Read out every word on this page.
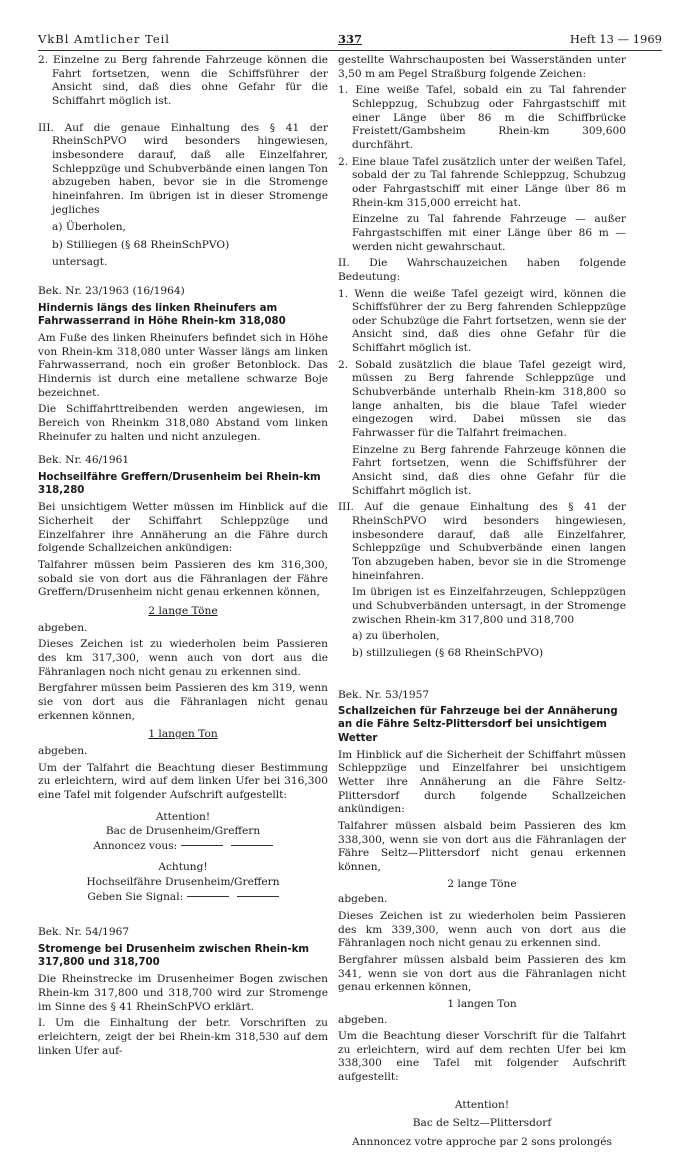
VkBl Amtlicher Teil	337	Heft 13 — 1969

2. Einzelne zu Berg fahrende Fahrzeuge können die Fahrt fortsetzen, wenn die Schiffsführer der Ansicht sind, daß dies ohne Gefahr für die Schiffahrt möglich ist.

III. Auf die genaue Einhaltung des § 41 der RheinSchPVO wird besonders hingewiesen, insbesondere darauf, daß alle Einzelfahrer, Schleppzüge und Schubverbände einen langen Ton abzugeben haben, bevor sie in die Stromenge hineinfahren. Im übrigen ist in dieser Stromenge jegliches

a) Überholen,

b) Stilliegen (§ 68 RheinSchPVO)

untersagt.

Bek. Nr. 23/1963 (16/1964)

Hindernis längs des linken Rheinufers am Fahrwasserrand in Höhe Rhein-km 318,080

Am Fuße des linken Rheinufers befindet sich in Höhe von Rhein-km 318,080 unter Wasser längs am linken Fahrwasserrand, noch ein großer Betonblock. Das Hindernis ist durch eine metallene schwarze Boje bezeichnet.

Die Schiffahrttreibenden werden angewiesen, im Bereich von Rheinkm 318,080 Abstand vom linken Rheinufer zu halten und nicht anzulegen.

Bek. Nr. 46/1961

Hochseilfähre Greffern/Drusenheim bei Rhein-km 318,280

Bei unsichtigem Wetter müssen im Hinblick auf die Sicherheit der Schiffahrt Schleppzüge und Einzelfahrer ihre Annäherung an die Fähre durch folgende Schallzeichen ankündigen:

Talfahrer müssen beim Passieren des km 316,300, sobald sie von dort aus die Fähranlagen der Fähre Greffern/Drusenheim nicht genau erkennen können,

2 lange Töne

abgeben.

Dieses Zeichen ist zu wiederholen beim Passieren des km 317,300, wenn auch von dort aus die Fähranlagen noch nicht genau zu erkennen sind.

Bergfahrer müssen beim Passieren des km 319, wenn sie von dort aus die Fähranlagen nicht genau erkennen können,

1 langen Ton

abgeben.

Um der Talfahrt die Beachtung dieser Bestimmung zu erleichtern, wird auf dem linken Ufer bei 316,300 eine Tafel mit folgender Aufschrift aufgestellt:

Attention!
Bac de Drusenheim/Greffern
Annoncez vous:
Achtung!
Hochseilfähre Drusenheim/Greffern
Geben Sie Signal:

Bek. Nr. 54/1967

Stromenge bei Drusenheim zwischen Rhein-km 317,800 und 318,700

Die Rheinstrecke im Drusenheimer Bogen zwischen Rhein-km 317,800 und 318,700 wird zur Stromenge im Sinne des § 41 RheinSchPVO erklärt.

I. Um die Einhaltung der betr. Vorschriften zu erleichtern, zeigt der bei Rhein-km 318,530 auf dem linken Ufer auf-

gestellte Wahrschauposten bei Wasserständen unter 3,50 m am Pegel Straßburg folgende Zeichen:

1. Eine weiße Tafel, sobald ein zu Tal fahrender Schleppzug, Schubzug oder Fahrgastschiff mit einer Länge über 86 m die Schiffbrücke Freistett/Gambsheim Rhein-km 309,600 durchfährt.

2. Eine blaue Tafel zusätzlich unter der weißen Tafel, sobald der zu Tal fahrende Schleppzug, Schubzug oder Fahrgastschiff mit einer Länge über 86 m Rhein-km 315,000 erreicht hat.

Einzelne zu Tal fahrende Fahrzeuge — außer Fahrgastschiffen mit einer Länge über 86 m — werden nicht gewahrschaut.

II. Die Wahrschauzeichen haben folgende Bedeutung:

1. Wenn die weiße Tafel gezeigt wird, können die Schiffsführer der zu Berg fahrenden Schleppzüge oder Schubzüge die Fahrt fortsetzen, wenn sie der Ansicht sind, daß dies ohne Gefahr für die Schiffahrt möglich ist.

2. Sobald zusätzlich die blaue Tafel gezeigt wird, müssen zu Berg fahrende Schleppzüge und Schubverbände unterhalb Rhein-km 318,800 so lange anhalten, bis die blaue Tafel wieder eingezogen wird. Dabei müssen sie das Fahrwasser für die Talfahrt freimachen.

Einzelne zu Berg fahrende Fahrzeuge können die Fahrt fortsetzen, wenn die Schiffsführer der Ansicht sind, daß dies ohne Gefahr für die Schiffahrt möglich ist.

III. Auf die genaue Einhaltung des § 41 der RheinSchPVO wird besonders hingewiesen, insbesondere darauf, daß alle Einzelfahrer, Schleppzüge und Schubverbände einen langen Ton abzugeben haben, bevor sie in die Stromenge hineinfahren.

Im übrigen ist es Einzelfahrzeugen, Schleppzügen und Schubverbänden untersagt, in der Stromenge zwischen Rhein-km 317,800 und 318,700

a) zu überholen,

b) stillzuliegen (§ 68 RheinSchPVO)

Bek. Nr. 53/1957

Schallzeichen für Fahrzeuge bei der Annäherung an die Fähre Seltz-Plittersdorf bei unsichtigem Wetter

Im Hinblick auf die Sicherheit der Schiffahrt müssen Schleppzüge und Einzelfahrer bei unsichtigem Wetter ihre Annäherung an die Fähre Seltz-Plittersdorf durch folgende Schallzeichen ankündigen:

Talfahrer müssen alsbald beim Passieren des km 338,300, wenn sie von dort aus die Fähranlagen der Fähre Seltz—Plittersdorf nicht genau erkennen können,

2 lange Töne

abgeben.

Dieses Zeichen ist zu wiederholen beim Passieren des km 339,300, wenn auch von dort aus die Fähranlagen noch nicht genau zu erkennen sind.

Bergfahrer müssen alsbald beim Passieren des km 341, wenn sie von dort aus die Fähranlagen nicht genau erkennen können,

1 langen Ton

abgeben.

Um die Beachtung dieser Vorschrift für die Talfahrt zu erleichtern, wird auf dem rechten Ufer bei km 338,300 eine Tafel mit folgender Aufschrift aufgestellt:

Attention!
Bac de Seltz—Plittersdorf
Annnoncez votre approche par 2 sons prolongés
